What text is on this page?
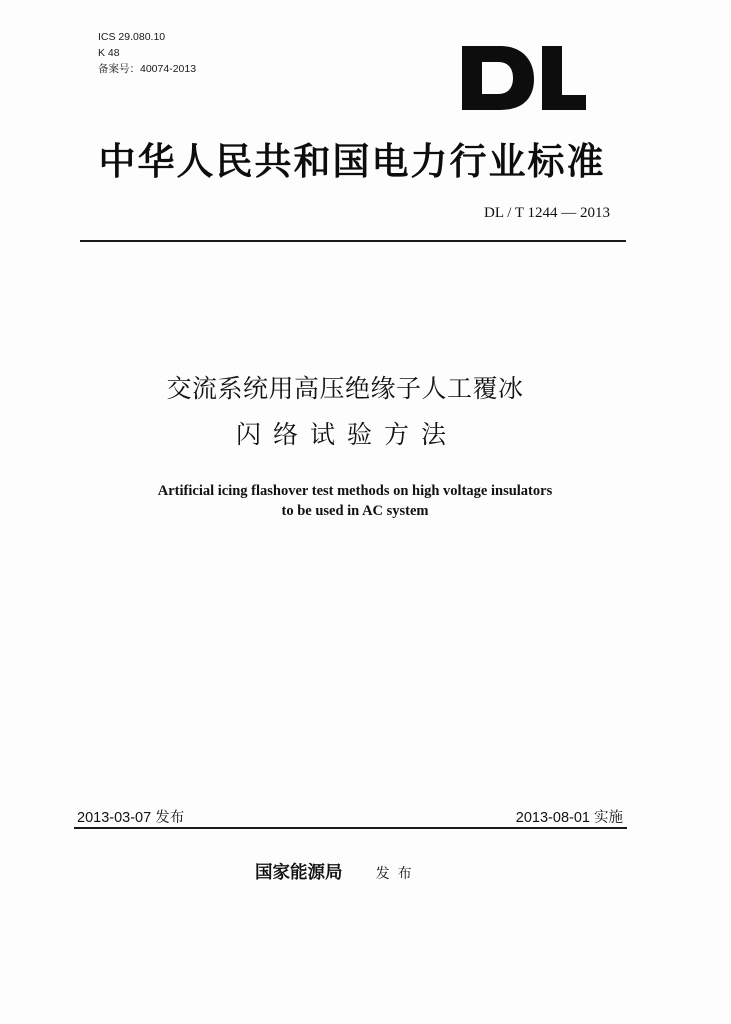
ICS 29.080.10
K 48
备案号：40074-2013
中华人民共和国电力行业标准
DL / T 1244 — 2013
交流系统用高压绝缘子人工覆冰
闪络试验方法
Artificial icing flashover test methods on high voltage insulators
to be used in AC system
2013-03-07 发布	2013-08-01 实施
国家能源局 发布
